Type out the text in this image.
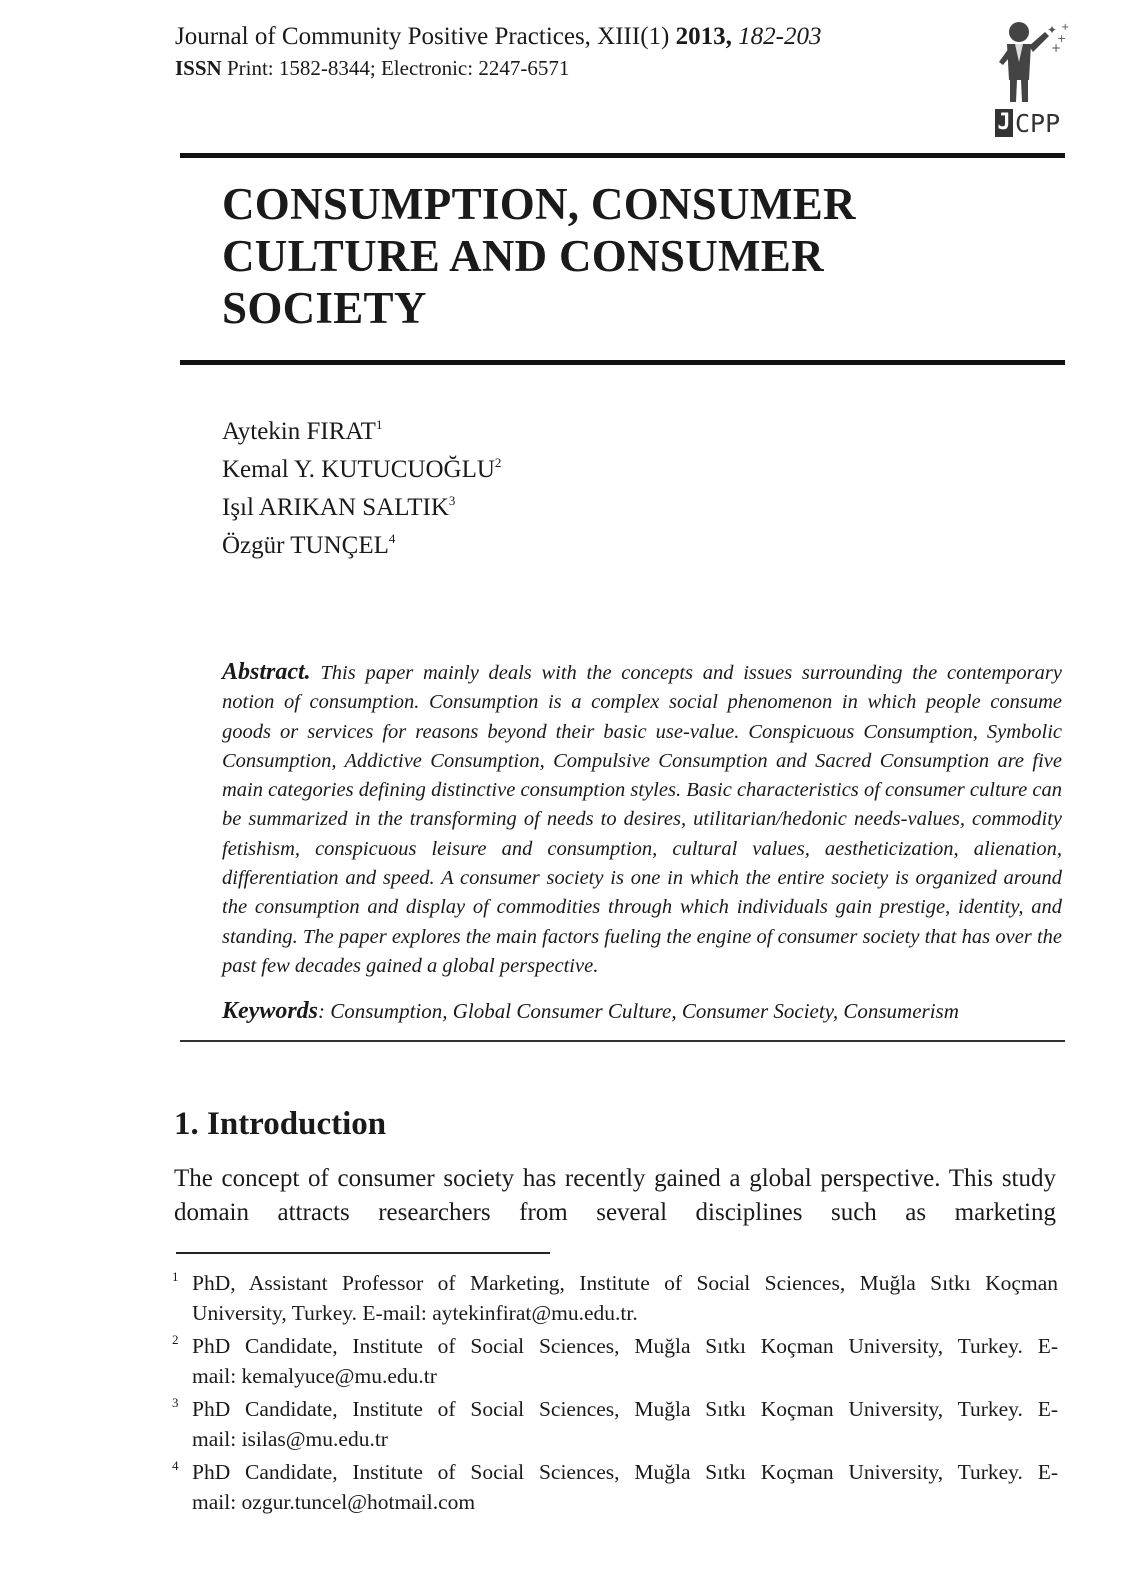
Journal of Community Positive Practices, XIII(1) 2013, 182-203
ISSN Print: 1582-8344; Electronic: 2247-6571
✦
+
+
+
J CPP
CONSUMPTION, CONSUMER
CULTURE AND CONSUMER
SOCIETY
Aytekin FIRAT$^1$
Kemal Y. KUTUCUOĞLU$^2$
Işıl ARIKAN SALTIK$^3$
Özgür TUNÇEL$^4$

Abstract. This paper mainly deals with the concepts and issues surrounding the contemporary notion of consumption. Consumption is a complex social phenomenon in which people consume goods or services for reasons beyond their basic use-value. Conspicuous Consumption, Symbolic Consumption, Addictive Consumption, Compulsive Consumption and Sacred Consumption are five main categories defining distinctive consumption styles. Basic characteristics of consumer culture can be summarized in the transforming of needs to desires, utilitarian/hedonic needs-values, commodity fetishism, conspicuous leisure and consumption, cultural values, aestheticization, alienation, differentiation and speed. A consumer society is one in which the entire society is organized around the consumption and display of commodities through which individuals gain prestige, identity, and standing. The paper explores the main factors fueling the engine of consumer society that has over the past few decades gained a global perspective.

Keywords: Consumption, Global Consumer Culture, Consumer Society, Consumerism
1. Introduction

The concept of consumer society has recently gained a global perspective. This study domain attracts researchers from several disciplines such as marketing

1 PhD, Assistant Professor of Marketing, Institute of Social Sciences, Muğla Sıtkı Koçman
University, Turkey. E-mail: aytekinfirat@mu.edu.tr.
2 PhD Candidate, Institute of Social Sciences, Muğla Sıtkı Koçman University, Turkey. E-
mail: kemalyuce@mu.edu.tr
3 PhD Candidate, Institute of Social Sciences, Muğla Sıtkı Koçman University, Turkey. E-
mail: isilas@mu.edu.tr
4 PhD Candidate, Institute of Social Sciences, Muğla Sıtkı Koçman University, Turkey. E-
mail: ozgur.tuncel@hotmail.com
